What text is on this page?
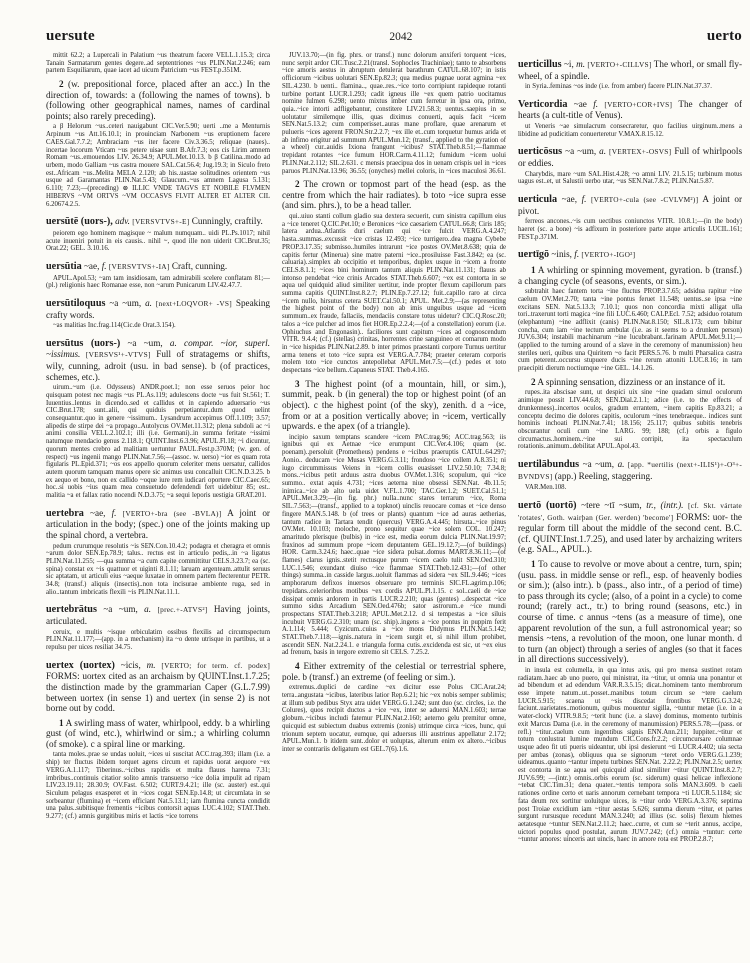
uersute	2042	uerto

mittit 62.2; a Lupercali in Palatium ~us theatrum facere VELL.1.15.3; circa Tanain Sarmatarum gentes degere..ad septentriones ~us PLIN.Nat.2.246; eam partem Esquiliarum, quae iacet ad uicum Patricium ~us FEST.p.351M.

2 (w. prepositional force, placed after an acc.) In the direction of, towards: a (following the names of towns). b (following other geographical names, names of cardinal points; also rarely preceding).

a β Helorum ~us..ceteri nauigabunt CIC.Ver.5.90; uerti ..me a Menturnis Arpinum ~us Att.16.10.1; in prouinciam Narbonem ~us eruptionem facere CAES.Gal.7.7.2; Ambraciam ~us iter facere Civ.3.36.5; reliquae (naues).. incertae locorum Vticam ~us petere uisae sunt B.Afr.7.3; eos cis Lirim amnem Romam ~us..emouendos LIV. 26.34.9; APUL.Met.10.13. b β Catilina..modo ad urbem, modo Galliam ~us castra mouere SAL.Cat.56.4; Jug.19.3; in Siculo freto est..Africam ~us..Melita MELA 2.120; ab his..uastae solitudines orientem ~us usque ad Garamantas PLIN.Nat.5.43; Glaucum..~us amnem Lagusa 5.131; 6.110; 7.23;—(preceding) ⊗ ILLIC VNDE TAGVS ET NOBILE FLVMEN HIBERVS ~VM ORTVS ~VM OCCASVS FLVIT ALTER ET ALTER CIL 6.20674.2.5.

uersūtē (uors-), adv. [VERSVTVS+-E] Cunningly, craftily.

peiorem ego hominem magisque ~ malum numquam.. uidi PL.Ps.1017; nihil acute inueniri potuit in eis causis.. nihil ~, quod ille non uiderit CIC.Brut.35; Orat.22; GEL. 3.10.16.

uersūtia ~ae, f. [VERSVTVS+-IA] Craft, cunning.

APUL.Apol.53; ~am tam insidiosam, tam admirabili scelere conflatam 81;—(pl.) religionis haec Romanae esse, non ~arum Punicarum LIV.42.47.7.

uersūtiloquus ~a ~um, a. [next+LOQVOR+ -VS] Speaking crafty words.

~as malitias Inc.frag.114(Cic.de Orat.3.154).

uersūtus (uors-) ~a ~um, a. compar. ~ior, superl. ~issimus. [VERSVS¹+-VTVS] Full of stratagems or shifts, wily, cunning, adroit (usu. in bad sense). b (of practices, schemes, etc.).

uirum..~um (i.e. Odysseus) ANDR.poet.1; non esse seruos peior hoc quisquam potest nec magis ~us PL.As.119; adulescens docte ~us fuit St.561; T. Iuuentius..lentus in dicendo..sed et callidus et in capiendo aduersario ~us CIC.Brut.178; sunt..alii, qui quiduis perpetiantur..dum quod uelint consequantur..quo in genere ~issimum.. Lysandrum accepimus Off.1.109; 3.57; alipedis de stirpe dei ~a propago..Autolycus OV.Met.11.312; plena subdoli ac ~i animi consilia VELL.2.102.1; illi (i.e. Germani)..in summa feritate ~issimi natumque mendacio genus 2.118.1; QUINT.Inst.6.3.96; APUL.Fl.18; ~i dicuntur, quorum mentes crebro ad malitiam uertuntur PAUL.Fest.p.370M; (w. gen. of respect) ~us ingenii mango PLIN.Nat.7.56;—(assoc. w. uerso) ~ior es quam rota figularis PL.Epid.371; ~os eos appello quorum celeriter mens uersatur, callidos autem quorum tamquam manus opere sic animus usu concalluit CIC.N.D.3.25. b ex aequo et bono, non ex callido ~oque iure rem iudicari oportere CIC.Caec.65; hoc..si uobis ~ius quam mea consuetudo defendendi fert uidebitur 85; est.. malitia ~a et fallax ratio nocendi N.D.3.75; ~a sequi leporis uestigia GRAT.201.

uertebra ~ae, f. [VERTO+-bra (see -BVLA)] A joint or articulation in the body; (spec.) one of the joints making up the spinal chord, a vertebra.

pedum crurumque resolutis ~is SEN.Con.10.4.2; podagra et cheragra et omnis ~arum dolor SEN.Ep.78.9; talus.. rectus est in articulo pedis,..in ~a ligatus PLIN.Nat.11.255; —qua summa ~a cum capite committitur CELS.3.23.7; ea (sc. spina) constat ex ~is quattuor et uiginti 8.1.11; laruam argenteam..attulit seruus sic aptatam, ut articuli eius ~aeque luxatae in omnem partem flecterentur PETR. 34.8; (transf.) aliquis (insectis)..non tota incisurae ambiente ruga, sed in alio..tantum imbricatis flexili ~is PLIN.Nat.11.1.

uertebrātus ~a ~um, a. [prec.+-ATVS²] Having joints, articulated.

ceruix, e multis ~isque orbiculatim ossibus flexilis ad circumspectum PLIN.Nat.11.177;—(app. in a mechanism) ita ~o dente utrisque in partibus, ut a repulsu per uices resiliat 34.75.

uertex (uortex) ~icis, m. [VERTO; for term. cf. podex] FORMS: uortex cited as an archaism by QUINT.Inst.1.7.25; the distinction made by the grammarian Caper (G.L.7.99) between uortex (in sense 1) and uertex (in sense 2) is not borne out by codd.

1 A swirling mass of water, whirlpool, eddy. b a whirling gust (of wind, etc.), whirlwind or sim.; a whirling column (of smoke). c a spiral line or marking.

tanta moles..prae se undas uoluit, ~ices ui suscitat ACC.trag.393; illam (i.e. a ship) ter fluctus ibidem torquet agens circum et rapidus uorat aequore ~ex VERG.A.1.117; Tiberinus..~icibus rapidis et multa flauus harena 7.31; imbribus..continuis citatior solito amnis transuerso ~ice dolia impulit ad ripam LIV.23.19.11; 28.30.9; OV.Fast. 6.502; CURT.9.4.21; ille (sc. auster) est..qui Siculum pelagus exasperet et in ~ices cogat SEN.Ep.14.8; ut circumlata in se sorbeantur (flumina) et ~icem efficiant Nat.5.13.1; iam flumina cuncta condidit una palus..subitisque frementis ~icibus contorsit aquas LUC.4.102; STAT.Theb. 9.277; (cf.) amnis gurgitibus miris et lactis ~ice torrens

JUV.13.70;—(in fig. phrs. or transf.) nunc dolorum anxiferi torquent ~ices, nunc serpit ardor CIC.Tusc.2.21(transl. Sophocles Trachiniae); tanto te absorbens ~ice amoris aestus in abruptum detulerat barathrum CATUL.68.107; in istis officiorum ~icibus uolutari SEN.Ep.82.3; qua medius pugnae uorat agmina ~ex SIL.4.230. b uenti.. flamina.., quae..res..~ice torto corripiunt rapideque rotanti turbine portant LUCR.1.293; cadit igneus ille ~ex quem patrio uocitamus nomine fulmen 6.298; uento mixtus imber cum ferretur in ipsa ora, primo, quia..~ice intorti adfligebantur, constitere LIV.21.58.3; uentus..saepius in se uolutatur similemque illis, quas diximus conuerti, aquis facit ~icem SEN.Nat.5.13.2; cum comperisset..auras mane proflare, quae arenarum et pulueris ~ices agerent FRON.Str.2.2.7; ~ex ille et..cum torquetur humus arida et ab infimo erigitur ad summum APUL.Mun.12; (transf., applied to the gyration of a wheel) cur..auidis Ixiona frangunt ~icibus? STAT.Theb.8.51;—flammae trepidant rotantes ~ice fumum HOR.Carm.4.11.12; fumidum ~icem uolui PLIN.Nat.2.112; SIL.2.631. c mensis praecipua dos in uenam crispis uel in ~ices paruos PLIN.Nat.13.96; 36.55; (onyches) mellei coloris, in ~ices maculosi 36.61.

2 The crown or topmost part of the head (esp. as the centre from which the hair radiates). b toto ~ice supra esse (and sim. phrs.), to be a head taller.

qui..uiuo stanti collum gladio sua dextera secuerit, cum sinistra capillum eius a ~ice teneret Q.CIC.Pet.10; e Beronices ~ice caesariem CATUL.66.8; Ciris 185; latera ardua..Atlantis duri caelum qui ~ice fulcit VERG.A.4.247; hasta..summas..excussit ~ice cristas 12.493; ~ice turrigero..dea magna Cybebe PROP.3.17.35; submisso..humiles intrarunt ~ice postes OV.Met.8.638; quia de capitis fertur (Minerua) sine matre paterni ~ice..prosiluisse Fast.3.842; ea (sc. caluaria)..simplex ab occipitio et temporibus, duplex usque in ~icem a fronte CELS.8.1.1; ~ices bini hominum tantum aliquis PLIN.Nat.11.131; flauus ab intonso pendebat ~ice crinis Arcados STAT.Theb.6.607; ~ex est contorta in se aqua uel quidquid aliud similiter uertitur, inde propter flexum capillorum pars summa capitis QUINT.Inst.8.2.7; PLIN.Ep.7.27.12; fuit..capillo raro at circa ~icem nullo, hirsutus cetera SUET.Cal.50.1; APUL. Met.2.9;—(as representing the highest point of the body) non ab imis unguibus usque ad ~icem summum..ex fraude, fallaciis, mendaciis constare totus uidetur? CIC.Q.Rosc.20; talos a ~ice pulcher ad imos fiet HOR.Ep.2.2.4;—(of a constellation) eorum (i.e. Ophiuchus and Engonasin).. faciliores sunt capitum ~ices ad cognoscendum VITR. 9.4.4; (cf.) (stellas) crinitas, horrentes crine sanguineo et comarum modo in ~ice hispidas PLIN.Nat.2.89. b inter primos praestanti corpore Turnus uertitur arma tenens et toto ~ice supra est VERG.A.7.784; praeter ceteram corporis molem toto ~ice cunctos antepollebat APUL.Met.7.5;—(cf.) pedes et toto despectans ~ice bellum..Capaneus STAT. Theb.4.165.

3 The highest point (of a mountain, hill, or sim.), summit, peak. b (in general) the top or highest point (of an object). c the highest point (of the sky), zenith. d a ~ice, from or at a position vertically above; in ~icem, vertically upwards. e the apex (of a triangle).

incipio saxum temptans scandere ~icem PAC.trag.96; ACC.trag.563; iis ignibus qui ex Aetnae ~ice erumpunt CIC.Ver.4.106; quam (sc. poenam)..persoluit (Prometheus) pendens e ~icibus praeruptis CATUL.64.297; Aonio.. deducam ~ice Musas VERG.G.3.11; frondoso ~ice collem A.8.351; ni iugo circummissus Veiens in ~icem collis euasisset LIV.2.50.10; 7.34.8; mons..~icibus petit arduus astra duobus OV.Met.1.316; scopulum, qui ~ice summo.. extat aquis 4.731; ~ices aeterna niue obsessi SEN.Nat. 4b.11.5; inimica..~ice ab alto uela uidet V.FL.1.700; TAC.Ger.1.2; SUET.Cal.51.1; APUL.Met.3.29;—(in fig. phr.) nulla..nunc stares terrarum ~ice, Roma SIL.7.563;—(transf., applied to a topknot) uinclis reuocare comas et ~ice denso fingere MAN.5.148. b (of trees or plants) quantum ~ice ad auras aetherias, tantum radice in Tartara tendit (quercus) VERG.A.4.445; hirsuta..~ice pinus OV.Met. 10.103; moloche, prono sequitur quae ~ice solem COL. 10.247; amaritudo plerisque (bulbis) in ~ice est, media eorum dulcia PLIN.Nat.19.97; fraxinos ad summum prope ~icem deputantem GEL.19.12.7;—(of buildings) HOR. Carm.3.24.6; haec..quae ~ice sidera pulsat..domus MART.8.36.11;—(of flames) clarus ignis..stetit rectusque purum ~icem caelo tulit SEN.Oed.310; LUC.1.546; exundant diuiso ~ice flammae STAT.Theb.12.431;—(of other things) summa..in casside largus..uoluit flammas ad sidera ~ex SIL.9.446; ~ices amphorarum defixos inuersos obseruare pro terminis SIC.FL.agrim.p.106; trepidans..celerioribus motibus ~ex cordis APUL.Pl.1.15. c sol..caeli de ~ice dissipat omnis ardorem in partis LUCR.2.210; quas (gentes) ..despectat ~ice summo sidus Arcadium SEN.Oed.476b; sator astrorum..e ~ice mundi prospectans STAT.Theb.3.218; APUL.Met.2.12. d si tempestas a ~ice siluis incubuit VERG.G.2.310; unam (sc. ship)..ingens a ~ice pontus in puppim ferit A.1.114; 5.444; Cyzicum..cuius a ~ice mons Didymus PLIN.Nat.5.142; STAT.Theb.7.118;—ignis..natura in ~icem surgit et, si nihil illum prohibet, ascendit SEN. Nat.2.24.1. e triangula forma cutis..excidenda est sic, ut ~ex eius ad frenum, basis in tergore extremo sit CELS. 7.25.2.

4 Either extremity of the celestial or terrestrial sphere, pole. b (transf.) an extreme (of feeling or sim.).

extremus..duplici de cardine ~ex dicitur esse Polus CIC.Arat.24; terra..angustata ~icibus, lateribus latior Rep.6.21; hic ~ex nobis semper sublimis; at illum sub pedibus Styx atra uidet VERG.G.1.242; sunt duo (sc. circles, i.e. the Colures), quos recipit ductos a ~ice ~ex, inter se aduersi MAN.1.603; terrae globum..~icibus includi fatemur PLIN.Nat.2.160; aeterno gelu premitur omne, quicquid est subiectum duabus extremis (zonis) utrimque circa ~ices, hunc, qui trionum septem uocatur, eumque, qui aduersus illi austrinus appellatur 2.172; APUL.Mun.1. b itidem sunt..dolor et uoluptas, alterum enim ex altero..~icibus inter se contrariis deligatum est GEL.7(6).1.6.

uerticillus ~i, m. [VERTO+-CILLVS] The whorl, or small fly-wheel, of a spindle.

in Syria..feminas ~os inde (i.e. from amber) facere PLIN.Nat.37.37.

Verticordia ~ae f. [VERTO+COR+IVS] The changer of hearts (a cult-title of Venus).

ut Veneris ~ae simulacrum consecraretur, quo facilius uirginum..mens a libidine ad pudicitiam conuerteretur V.MAX.8.15.12.

uerticōsus ~a ~um, a. [VERTEX+-OSVS] Full of whirlpools or eddies.

Charybdis, mare ~um SAL.Hist.4.28; ~o amni LIV. 21.5.15; turbinum motus uagus est..et, ut Salustii uerbo utar, ~us SEN.Nat.7.8.2; PLIN.Nat.5.87.

uerticula ~ae, f. [VERTO+-cula (see -CVLVM²)] A joint or pivot.

ferreos ancones..~is cum uectibus coniunctos VITR. 10.8.1;—(in the body) haeret (sc. a bone) ~is adfixum in posteriore parte atque articulis LUCIL.161; FEST.p.371M.

uertīgō ~inis, f. [VERTO+-IGO²]

1 A whirling or spinning movement, gyration. b (transf.) a changing cycle (of seasons, events, or sim.).

subtrahit haec fantem torta ~ine fluctus PROP.3.7.65; adsidua rapitur ~ine caelum OV.Met.2.70; tanta ~ine pontus feruet 11.548; uentus..se ipsa ~ine excitans SEN. Nat.5.13.3; 7.10.1; quos non concordia mixti alligat ulla tori..traxerunt torti magica ~ine fili LUC.6.460; CALP.Ecl. 7.52; adsiduo rotatum (elephantum) ~ine adflixit (canis) PLIN.Nat.8.150; SIL.8.173; cum bibitur concha, cum iam ~ine tectum ambulat (i.e. as it seems to a drunken person) JUV.6.304; instabili machinarum ~ine lucubrabant..farinam APUL.Met.9.11;—(applied to the turning around of a slave in the ceremony of manumission) heu steriles ueri, quibus una Quiritem ~o facit PERS.5.76. b multi Pharsalica castra cum peterent..occursu stupuere ducis ~ine rerum attoniti LUC.8.16; in tam praecipiti dierum noctiumque ~ine GEL. 14.1.26.

2 A spinning sensation, dizziness or an instance of it.

rupes..ita abscisae sunt, ut despici uix sine ~ine quadam simul oculorum animique possit LIV.44.6.8; SEN.Dial.2.1.1; adice (i.e. to the effects of drunkenness)..incertos oculos, gradum errantem, ~inem capitis Ep.83.21; a conceptu decimo die dolores capitis, oculorum ~ines tenebraeque.. indices sunt hominis inchoati PLIN.Nat.7.41; 18.156; 25.117; quibus subitis tenebris obscurantur oculi cum ~ine LARG. 99; 188; (cf.) orbis a figulo circumactus..hominem..~ine sui corripit, ita spectaculum rotationis..animum..debilitat APUL.Apol.43.

uertilābundus ~a ~um, a. [app. *uertilis (next+-ILIS¹)+-O³+-BVNDVS] (app.) Reeling, staggering.

VAR.Men.108.

uertō (uortō) ~tere ~tī ~sum, tr., (intr.). [cf. Skt. vártate 'rotates', Goth. wairþan (Ger. werden) 'become'] FORMS: uor- the regular form till about the middle of the second cent. B.C. (cf. QUINT.Inst.1.7.25), and used later by archaizing writers (e.g. SAL., APUL.).

1 To cause to revolve or move about a centre, turn, spin; (usu. pass. in middle sense or refl., esp. of heavenly bodies or sim.); (also intr.). b (pass., also intr., of a period of time) to pass through its cycle; (also, of a point in a cycle) to come round; (rarely act., tr.) to bring round (seasons, etc.) in course of time. c annus ~tens (as a measure of time), one apparent revolution of the sun, a full astronomical year; so mensis ~tens, a revolution of the moon, one lunar month. d to turn (an object) through a series of angles (so that it faces in all directions successively).

in insula est columella, in qua intus axis, qui pro mensa sustinet rotam radiatam..haec ab uno puero, qui ministrat, ita ~titur, ut omnia una ponantur et ad bibendum et ad edendum VAR.R.3.5.15; dicat..hominem tanto membrorum esse impete natum..ut..posset..manibus totum circum se ~tere caelum LUCR.5.915; scaena ut ~sis discedat frontibus VERG.G.3.24; faciunt..uarietates..motionum, quibus mouentur sigilla, ~tuntur metae (i.e. in a water-clock) VITR.9.8.5; ~terit hunc (i.e. a slave) dominus, momento turbinis exit Marcus Dama (i.e. in the ceremony of manumission) PERS.5.78;—(pass. or refl.) ~titur..caelum cum ingentibus signis ENN.Ann.211; Iuppiter..~titur et totum conlustrat lumine mundum CIC.Cons.fr.2.2; circumcursare columnae usque adeo fit uti pueris uideantur, ubi ipsi desierunt ~ti LUCR.4.402; uia secta per ambas (zonas), obliquus qua se signorum ~teret ordo VERG.G.1.239; uideamus..quanto ~tantur impetu turbines SEN.Nat. 2.22.2; PLIN.Nat.2.5; uertex est contorta in se aqua uel quicquid aliud similiter ~titur QUINT.Inst.8.2.7; JUV.6.99; —(intr.) omnis..orbis eorum (sc. siderum) quasi helicae inflexione ~tebat CIC.Tim.31; dena quater..~tentis tempora solis MAN.3.609. b caeli rationes ordine certo et uaris annorum cernebant tempora ~ti LUCR.5.1184; sic fata deum rex sortitur uoluitque uices, is ~titur ordo VERG.A.3.376; septima post Troiae excidium iam ~titur aestas 5.626; summa dierum ~titur, et partes surgunt rursusque recedunt MAN.3.240; ad illius (sc. solis) flexum hiemes aetatesque ~tuntur SEN.Nat.2.11.2; haec..curre, et cum se ~terit annus, accipe, uictori populus quod postulat, aurum JUV.7.242; (cf.) omnia ~tuntur: certe ~tuntur amores: uinceris aut uincis, haec in amore rota est PROP.2.8.7;
